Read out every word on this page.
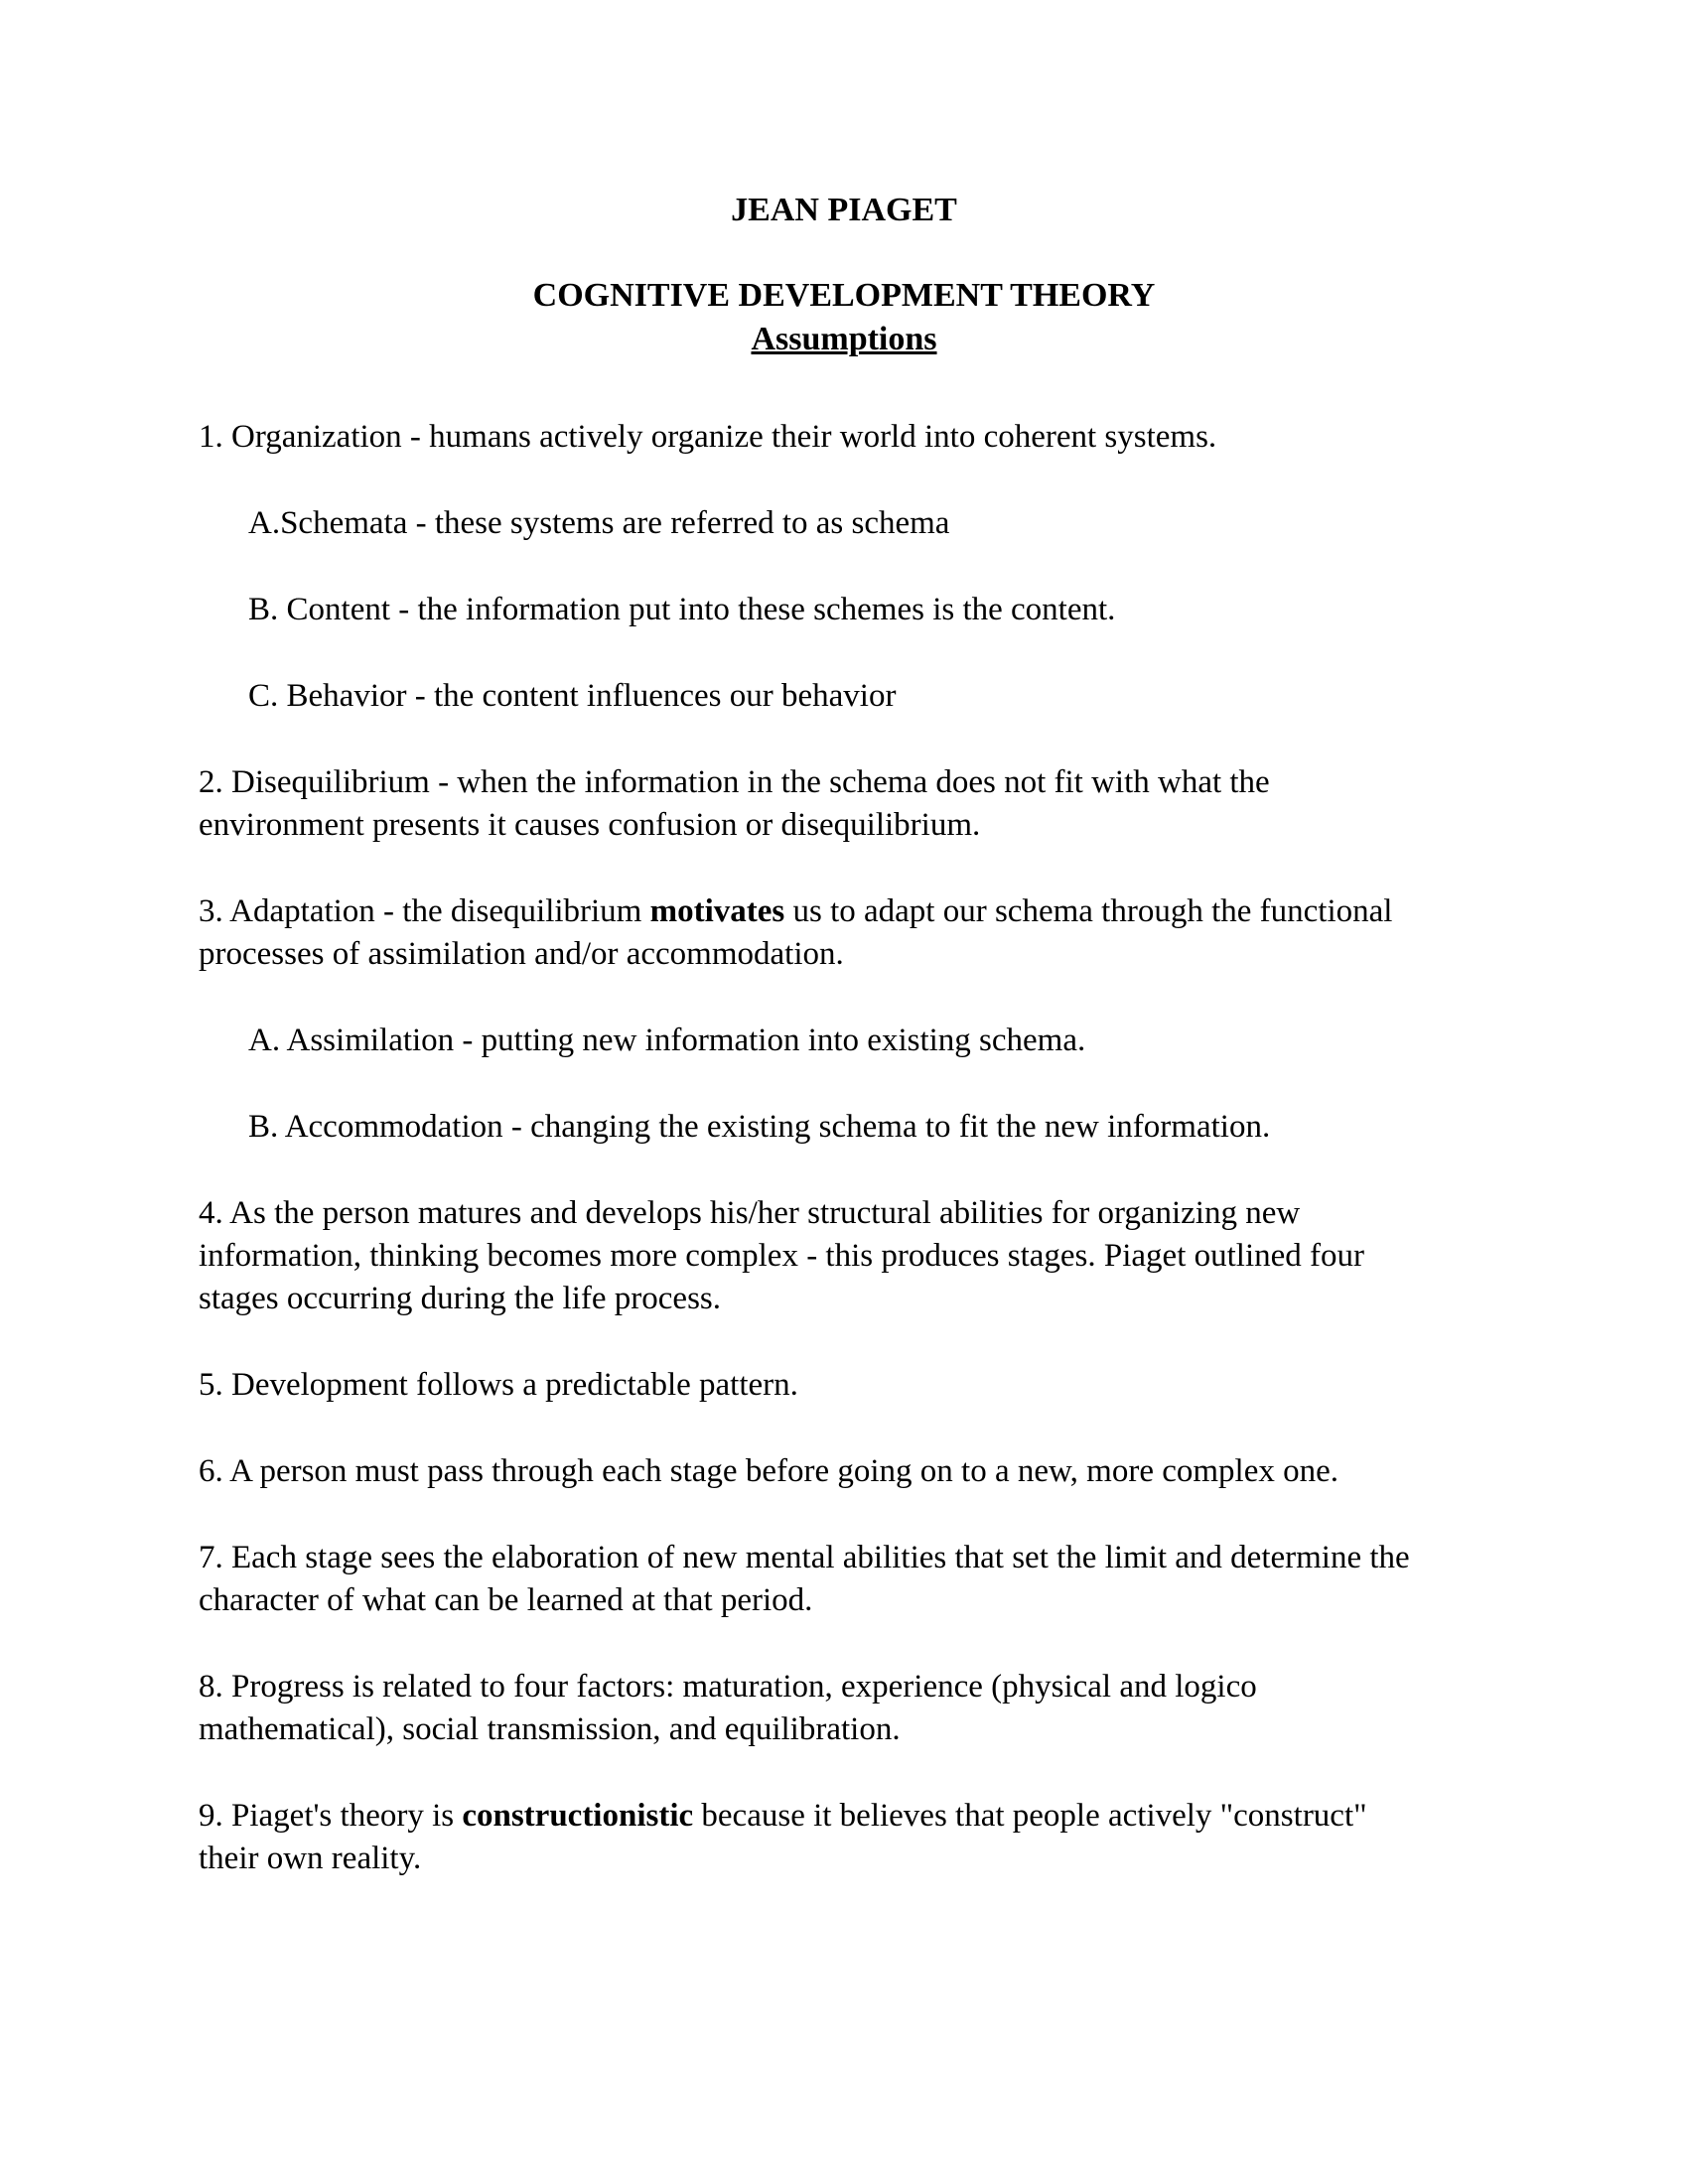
JEAN PIAGET
COGNITIVE DEVELOPMENT THEORY
Assumptions

1. Organization - humans actively organize their world into coherent systems.

A.Schemata - these systems are referred to as schema

B. Content - the information put into these schemes is the content.

C. Behavior - the content influences our behavior

2. Disequilibrium - when the information in the schema does not fit with what the environment presents it causes confusion or disequilibrium.

3. Adaptation - the disequilibrium motivates us to adapt our schema through the functional processes of assimilation and/or accommodation.

A. Assimilation - putting new information into existing schema.

B. Accommodation - changing the existing schema to fit the new information.

4. As the person matures and develops his/her structural abilities for organizing new information, thinking becomes more complex - this produces stages. Piaget outlined four stages occurring during the life process.

5. Development follows a predictable pattern.

6. A person must pass through each stage before going on to a new, more complex one.

7. Each stage sees the elaboration of new mental abilities that set the limit and determine the character of what can be learned at that period.

8. Progress is related to four factors: maturation, experience (physical and logico mathematical), social transmission, and equilibration.

9. Piaget's theory is constructionistic because it believes that people actively "construct" their own reality.
